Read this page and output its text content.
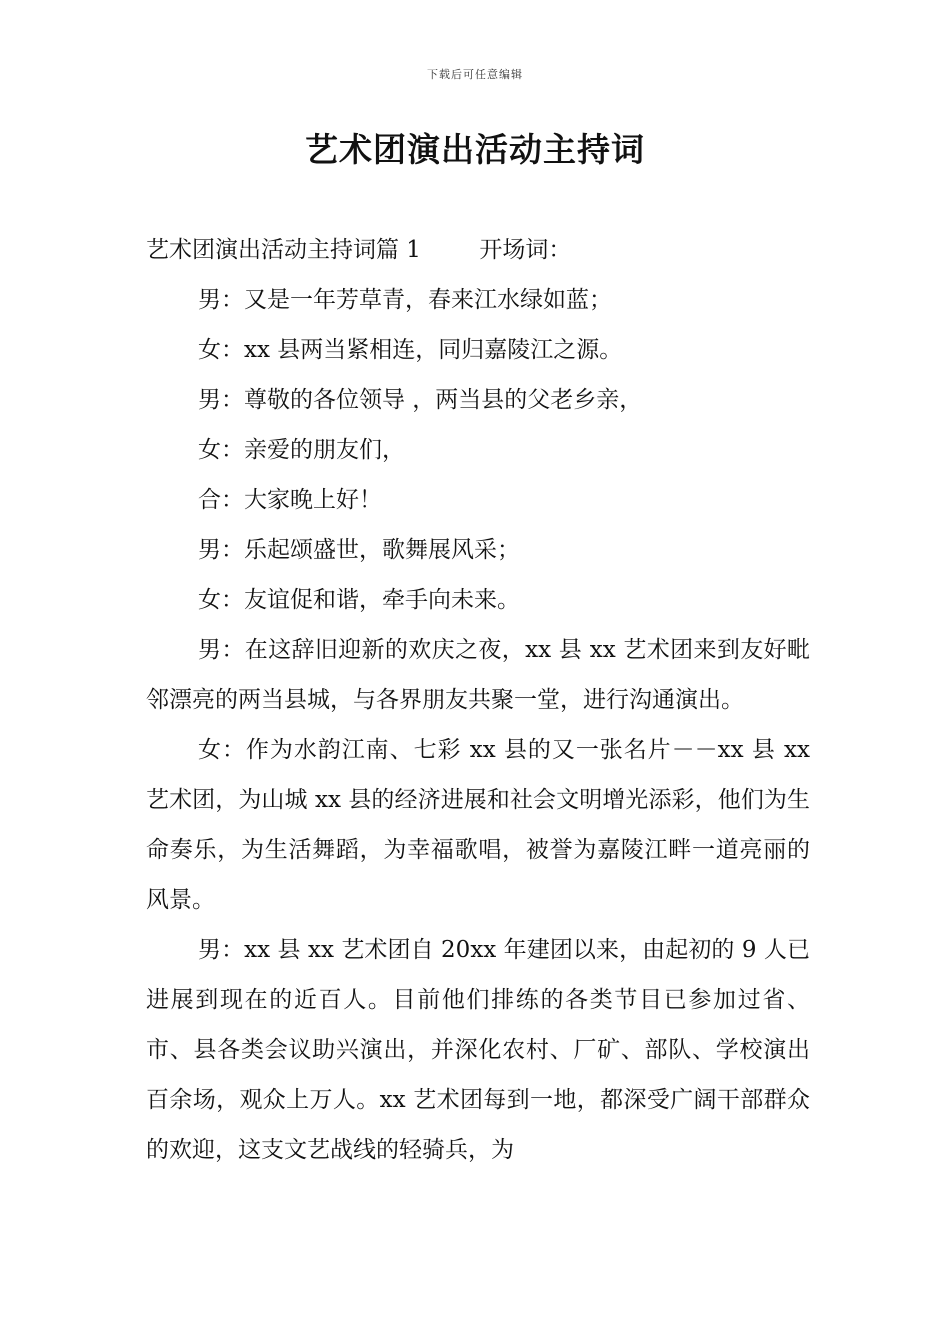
下载后可任意编辑
艺术团演出活动主持词

艺术团演出活动主持词篇 1        开场词：

男：又是一年芳草青，春来江水绿如蓝；

女：xx 县两当紧相连，同归嘉陵江之源。

男：尊敬的各位领导 ，两当县的父老乡亲，

女：亲爱的朋友们，

合：大家晚上好！

男：乐起颂盛世，歌舞展风采；

女：友谊促和谐，牵手向未来。

男：在这辞旧迎新的欢庆之夜，xx 县 xx 艺术团来到友好毗邻漂亮的两当县城，与各界朋友共聚一堂，进行沟通演出。

女：作为水韵江南、七彩 xx 县的又一张名片－－xx 县 xx 艺术团，为山城 xx 县的经济进展和社会文明增光添彩，他们为生命奏乐，为生活舞蹈，为幸福歌唱，被誉为嘉陵江畔一道亮丽的风景。

男：xx 县 xx 艺术团自 20xx 年建团以来，由起初的 9 人已进展到现在的近百人。目前他们排练的各类节目已参加过省、市、县各类会议助兴演出，并深化农村、厂矿、部队、学校演出百余场，观众上万人。xx 艺术团每到一地，都深受广阔干部群众的欢迎，这支文艺战线的轻骑兵，为
